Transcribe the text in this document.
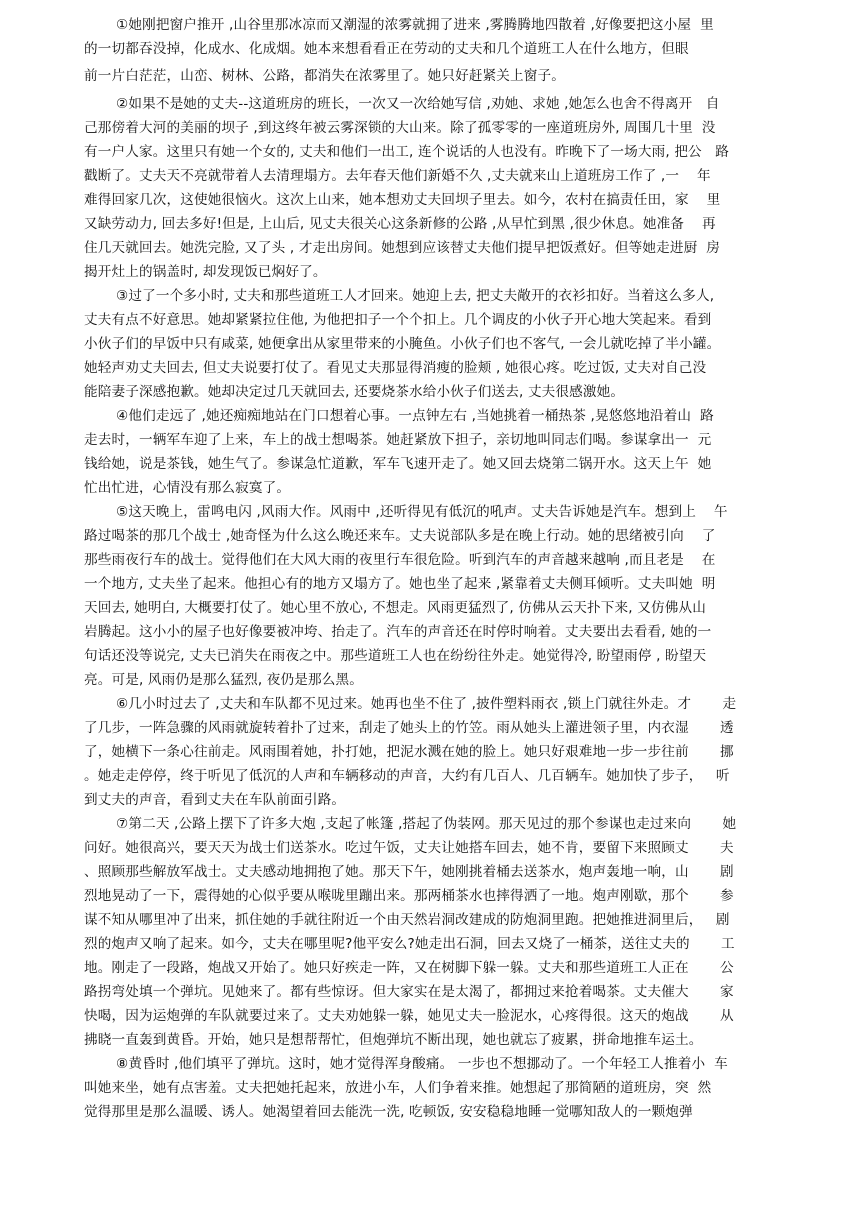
①她刚把窗户推开 ,山谷里那冰凉而又潮湿的浓雾就拥了进来 ,雾腾腾地四散着 ,好像要把这小屋  里
的一切都吞没掉，化成水、化成烟。她本来想看看正在劳动的丈夫和几个道班工人在什么地方，但眼
前一片白茫茫，山峦、树林、公路，都消失在浓雾里了。她只好赶紧关上窗子。
②如果不是她的丈夫--这道班房的班长，一次又一次给她写信 ,劝她、求她 ,她怎么也舍不得离开   自
己那傍着大河的美丽的坝子 ,到这终年被云雾深锁的大山来。除了孤零零的一座道班房外, 周围几十里  没
有一户人家。这里只有她一个女的, 丈夫和他们一出工, 连个说话的人也没有。昨晚下了一场大雨, 把公   路
戳断了。丈夫天不亮就带着人去清理塌方。去年春天他们新婚不久 ,丈夫就来山上道班房工作了 ,一    年
难得回家几次，这使她很恼火。这次上山来，她本想劝丈夫回坝子里去。如今，农村在搞责任田，家    里
又缺劳动力, 回去多好!但是, 上山后, 见丈夫很关心这条新修的公路 ,从早忙到黑 ,很少休息。她准备    再
住几天就回去。她洗完脸, 又了头 , 才走出房间。她想到应该替丈夫他们提早把饭煮好。但等她走进厨  房
揭开灶上的锅盖时, 却发现饭已焖好了。
③过了一个多小时, 丈夫和那些道班工人才回来。她迎上去, 把丈夫敞开的衣衫扣好。当着这么多人,
丈夫有点不好意思。她却紧紧拉住他, 为他把扣子一个个扣上。几个调皮的小伙子开心地大笑起来。看到
小伙子们的早饭中只有咸菜, 她便拿出从家里带来的小腌鱼。小伙子们也不客气, 一会儿就吃掉了半小罐。
她轻声劝丈夫回去, 但丈夫说要打仗了。看见丈夫那显得消瘦的脸颊 , 她很心疼。吃过饭, 丈夫对自己没
能陪妻子深感抱歉。她却决定过几天就回去, 还要烧茶水给小伙子们送去, 丈夫很感激她。
④他们走远了 ,她还痴痴地站在门口想着心事。一点钟左右 ,当她挑着一桶热茶 ,晃悠悠地沿着山  路
走去时，一辆军车迎了上来，车上的战士想喝茶。她赶紧放下担子，亲切地叫同志们喝。参谋拿出一  元
钱给她，说是茶钱，她生气了。参谋急忙道歉，军车飞速开走了。她又回去烧第二锅开水。这天上午  她
忙出忙进，心情没有那么寂寞了。
⑤这天晚上，雷鸣电闪 ,风雨大作。风雨中 ,还听得见有低沉的吼声。丈夫告诉她是汽车。想到上    午
路过喝茶的那几个战士 ,她奇怪为什么这么晚还来车。丈夫说部队多是在晚上行动。她的思绪被引向    了
那些雨夜行车的战士。觉得他们在大风大雨的夜里行车很危险。听到汽车的声音越来越响 ,而且老是    在
一个地方, 丈夫坐了起来。他担心有的地方又塌方了。她也坐了起来 ,紧靠着丈夫侧耳倾听。丈夫叫她  明
天回去, 她明白, 大概要打仗了。她心里不放心, 不想走。风雨更猛烈了, 仿佛从云天扑下来, 又仿佛从山
岩腾起。这小小的屋子也好像要被冲垮、抬走了。汽车的声音还在时停时响着。丈夫要出去看看, 她的一
句话还没等说完, 丈夫已消失在雨夜之中。那些道班工人也在纷纷往外走。她觉得冷, 盼望雨停 , 盼望天
亮。可是, 风雨仍是那么猛烈, 夜仍是那么黑。
⑥几小时过去了 ,丈夫和车队都不见过来。她再也坐不住了 ,披件塑料雨衣 ,锁上门就往外走。才       走
了几步，一阵急骤的风雨就旋转着扑了过来，刮走了她头上的竹笠。雨从她头上灌进领子里，内衣湿       透
了，她横下一条心往前走。风雨围着她，扑打她，把泥水溅在她的脸上。她只好艰难地一步一步往前       挪
。她走走停停，终于听见了低沉的人声和车辆移动的声音，大约有几百人、几百辆车。她加快了步子，   听
到丈夫的声音，看到丈夫在车队前面引路。
⑦第二天 ,公路上摆下了许多大炮 ,支起了帐篷 ,搭起了伪装网。那天见过的那个参谋也走过来向       她
问好。她很高兴，要天天为战士们送茶水。吃过午饭，丈夫让她搭车回去，她不肯，要留下来照顾丈       夫
、照顾那些解放军战士。丈夫感动地拥抱了她。那天下午，她刚挑着桶去送茶水，炮声轰地一响，山       剧
烈地晃动了一下，震得她的心似乎要从喉咙里蹦出来。那两桶茶水也摔得洒了一地。炮声刚歇，那个       参
谋不知从哪里冲了出来，抓住她的手就往附近一个由天然岩洞改建成的防炮洞里跑。把她推进洞里后，   剧
烈的炮声又响了起来。如今，丈夫在哪里呢?他平安么?她走出石洞，回去又烧了一桶茶，送往丈夫的       工
地。刚走了一段路，炮战又开始了。她只好疾走一阵，又在树脚下躲一躲。丈夫和那些道班工人正在       公
路拐弯处填一个弹坑。见她来了。都有些惊讶。但大家实在是太渴了，都拥过来抢着喝茶。丈夫催大       家
快喝，因为运炮弹的车队就要过来了。丈夫劝她躲一躲，她见丈夫一脸泥水，心疼得很。这天的炮战       从
拂晓一直轰到黄昏。开始，她只是想帮帮忙，但炮弹坑不断出现，她也就忘了疲累，拼命地推车运土。
⑧黄昏时 ,他们填平了弹坑。这时，她才觉得浑身酸痛。 一步也不想挪动了。一个年轻工人推着小  车
叫她来坐，她有点害羞。丈夫把她托起来，放进小车，人们争着来推。她想起了那简陋的道班房，突  然
觉得那里是那么温暖、诱人。她渴望着回去能洗一洗, 吃顿饭, 安安稳稳地睡一觉哪知敌人的一颗炮弹
